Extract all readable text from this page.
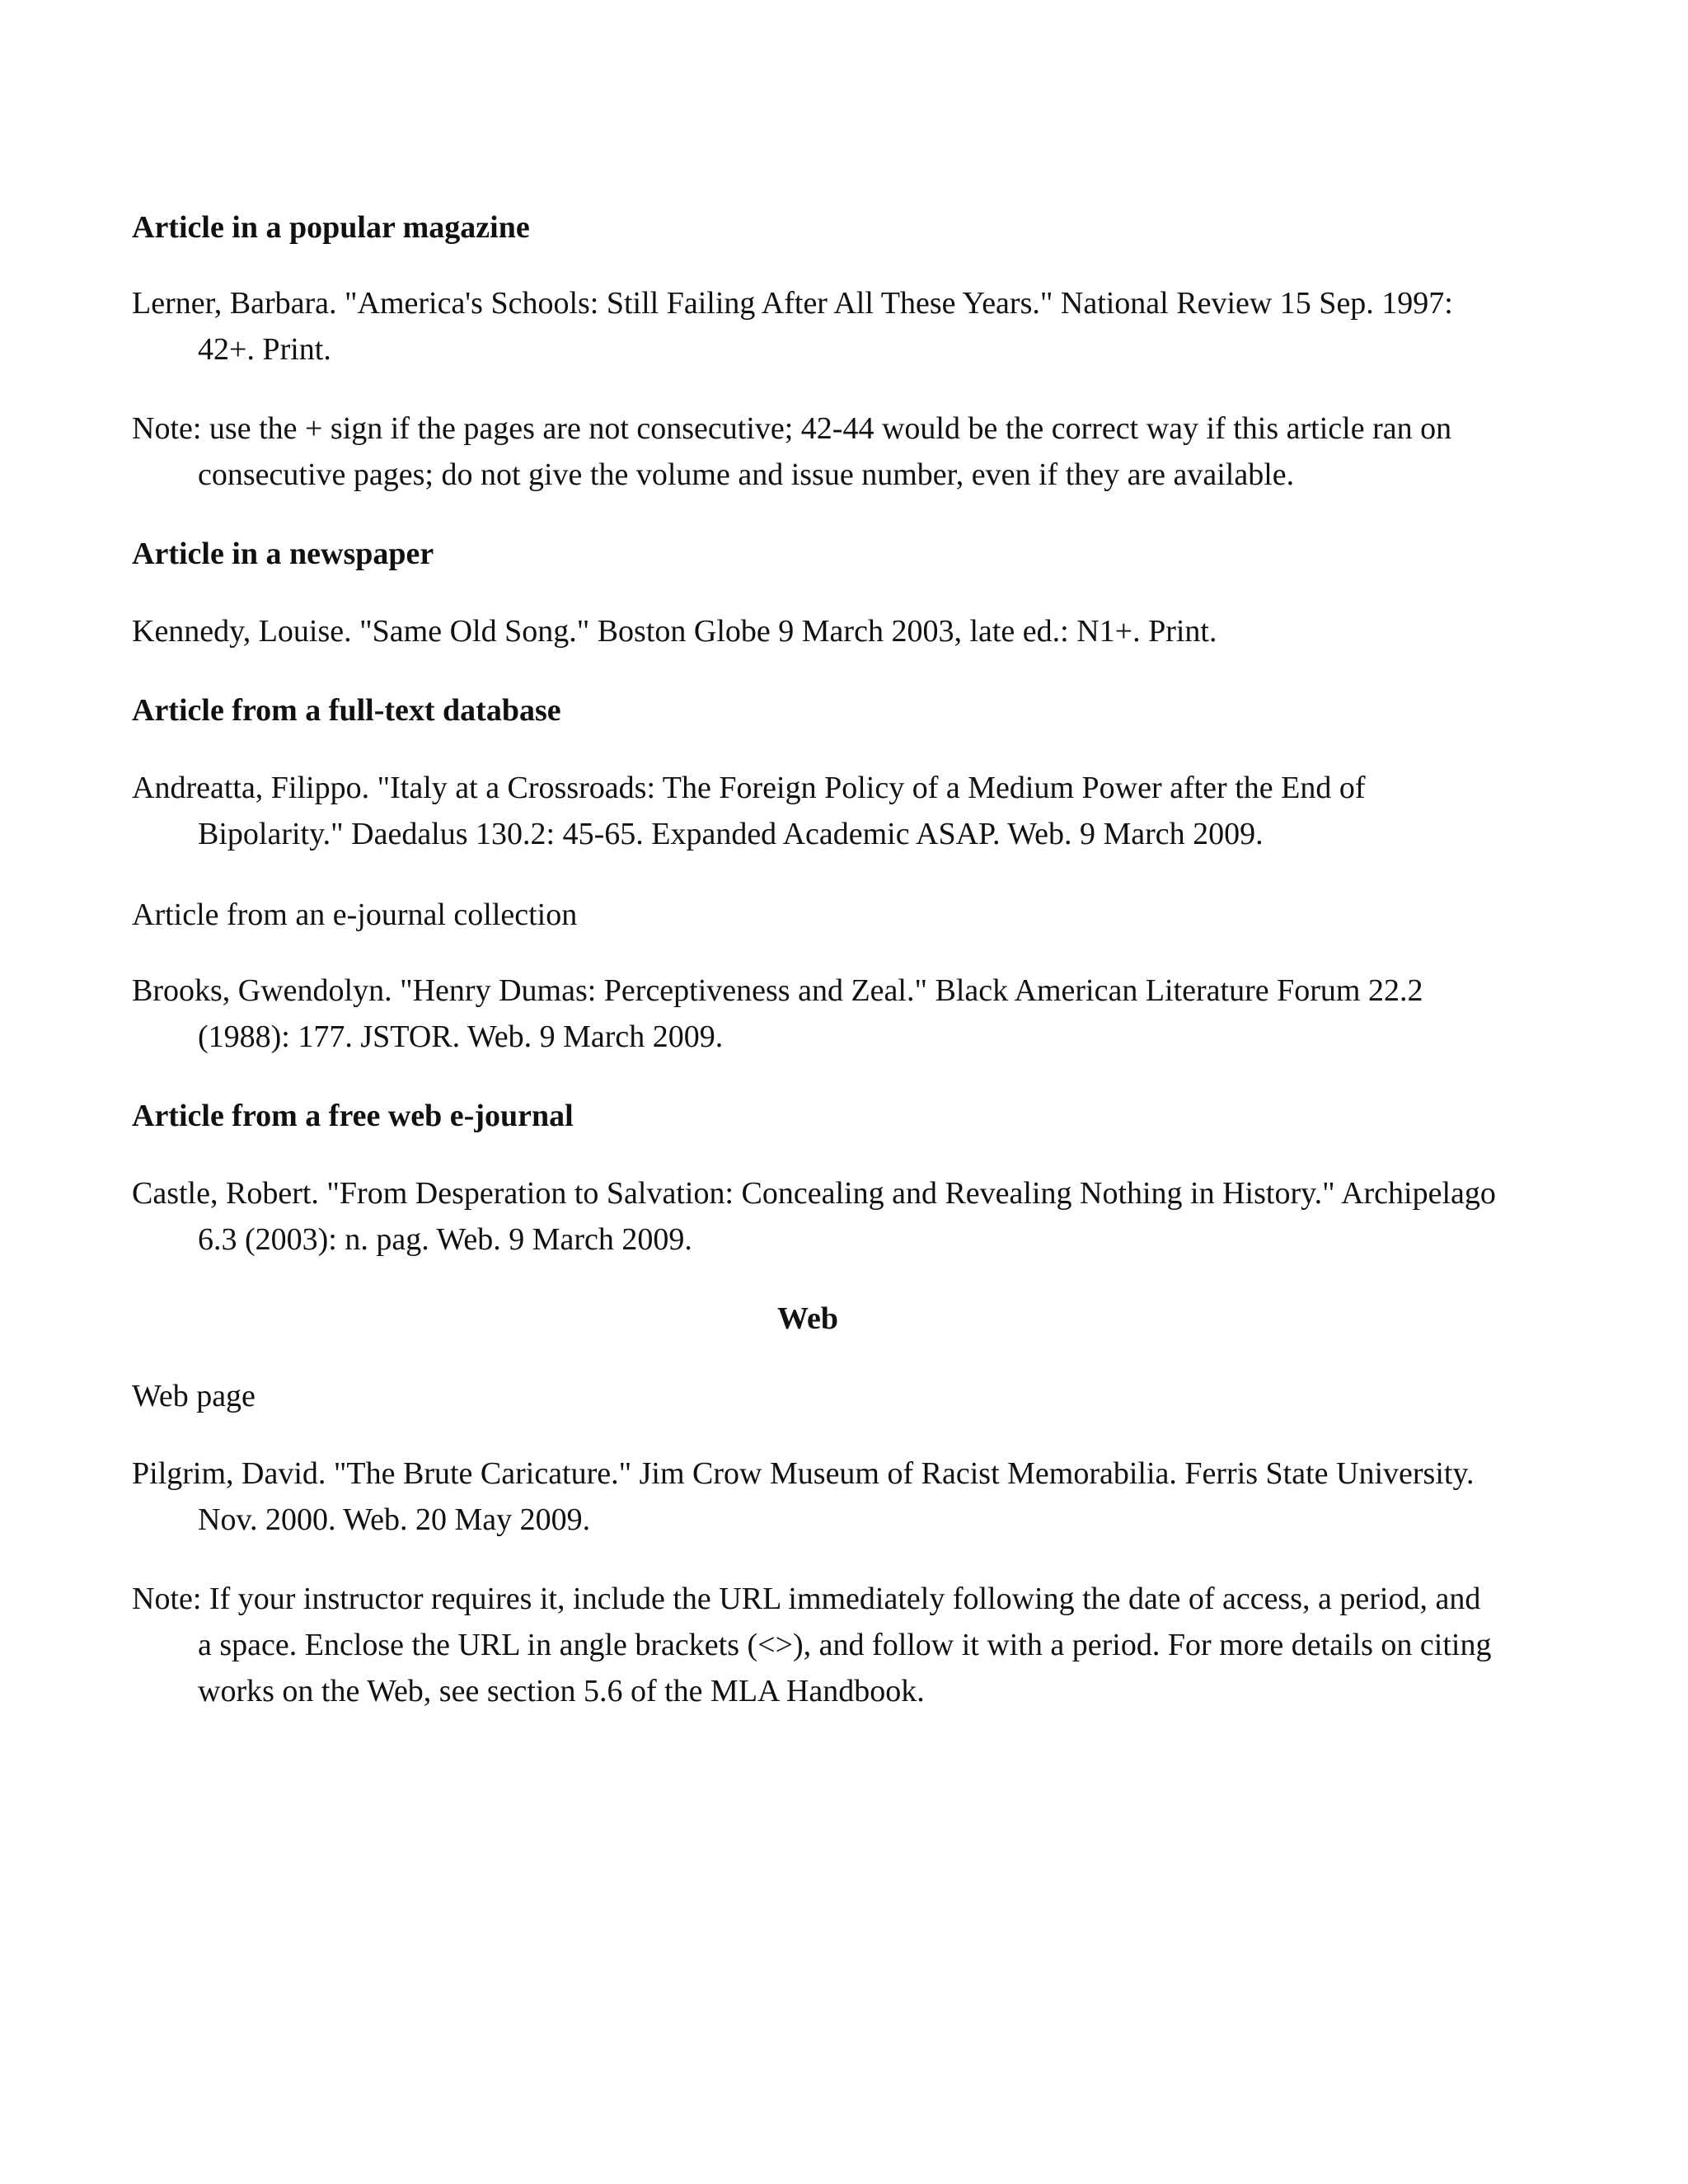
Article in a popular magazine
Lerner, Barbara. "America's Schools: Still Failing After All These Years." National Review 15 Sep. 1997: 42+. Print.
Note: use the + sign if the pages are not consecutive; 42-44 would be the correct way if this article ran on consecutive pages; do not give the volume and issue number, even if they are available.
Article in a newspaper
Kennedy, Louise. "Same Old Song." Boston Globe 9 March 2003, late ed.: N1+. Print.
Article from a full-text database
Andreatta, Filippo. "Italy at a Crossroads: The Foreign Policy of a Medium Power after the End of Bipolarity." Daedalus 130.2: 45-65. Expanded Academic ASAP. Web. 9 March 2009.
Article from an e-journal collection
Brooks, Gwendolyn. "Henry Dumas: Perceptiveness and Zeal." Black American Literature Forum 22.2 (1988): 177. JSTOR. Web. 9 March 2009.
Article from a free web e-journal
Castle, Robert. "From Desperation to Salvation: Concealing and Revealing Nothing in History." Archipelago 6.3 (2003): n. pag. Web. 9 March 2009.
Web
Web page
Pilgrim, David. "The Brute Caricature." Jim Crow Museum of Racist Memorabilia. Ferris State University. Nov. 2000. Web. 20 May 2009.
Note: If your instructor requires it, include the URL immediately following the date of access, a period, and a space. Enclose the URL in angle brackets (<>), and follow it with a period. For more details on citing works on the Web, see section 5.6 of the MLA Handbook.
